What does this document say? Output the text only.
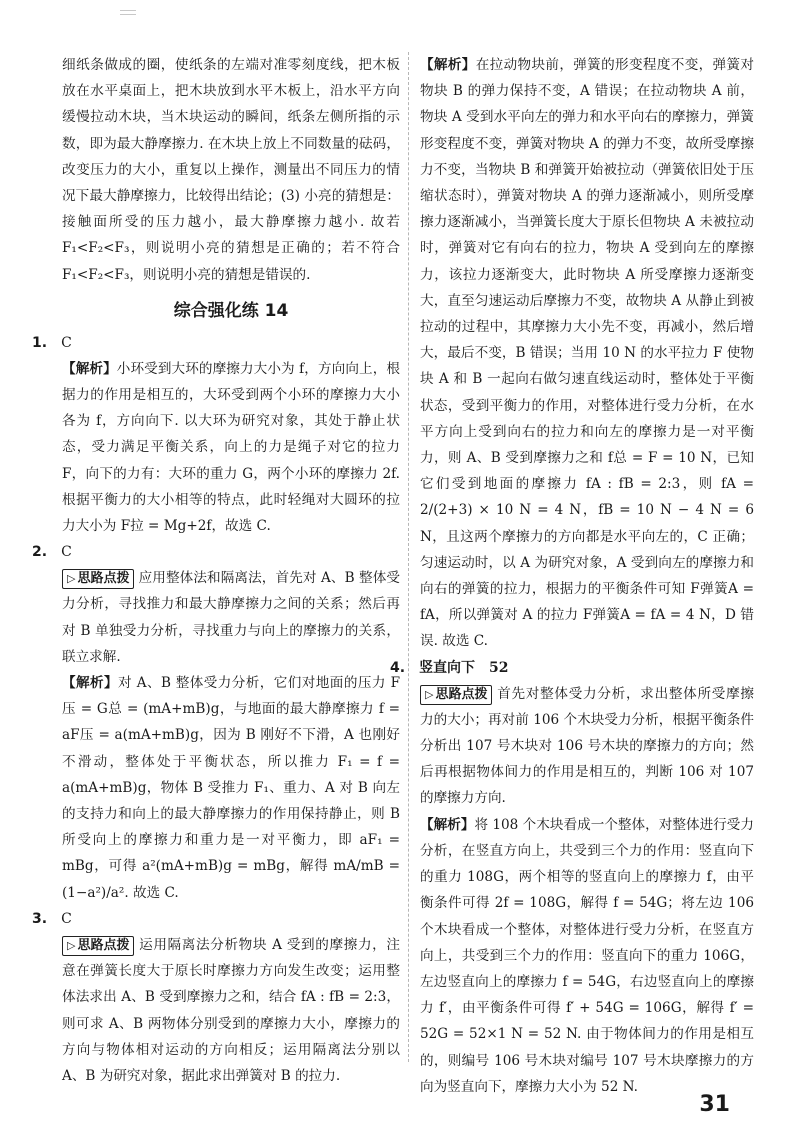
细纸条做成的圈，使纸条的左端对准零刻度线，把木板放在水平桌面上，把木块放到水平木板上，沿水平方向缓慢拉动木块，当木块运动的瞬间，纸条左侧所指的示数，即为最大静摩擦力. 在木块上放上不同数量的砝码，改变压力的大小，重复以上操作，测量出不同压力的情况下最大静摩擦力，比较得出结论；(3) 小亮的猜想是：接触面所受的压力越小，最大静摩擦力越小. 故若 F₁<F₂<F₃，则说明小亮的猜想是正确的；若不符合 F₁<F₂<F₃，则说明小亮的猜想是错误的.

综合强化练 14
1. C

【解析】小环受到大环的摩擦力大小为 f，方向向上，根据力的作用是相互的，大环受到两个小环的摩擦力大小各为 f，方向向下. 以大环为研究对象，其处于静止状态，受力满足平衡关系，向上的力是绳子对它的拉力 F，向下的力有：大环的重力 G，两个小环的摩擦力 2f. 根据平衡力的大小相等的特点，此时轻绳对大圆环的拉力大小为 F拉 = Mg+2f，故选 C.

2. C

▷ 思路点拨 应用整体法和隔离法，首先对 A、B 整体受力分析，寻找推力和最大静摩擦力之间的关系；然后再对 B 单独受力分析，寻找重力与向上的摩擦力的关系，联立求解.

【解析】对 A、B 整体受力分析，它们对地面的压力 F压 = G总 = (mA+mB)g，与地面的最大静摩擦力 f = aF压 = a(mA+mB)g，因为 B 刚好不下滑，A 也刚好不滑动，整体处于平衡状态，所以推力 F₁ = f = a(mA+mB)g，物体 B 受推力 F₁、重力、A 对 B 向左的支持力和向上的最大静摩擦力的作用保持静止，则 B 所受向上的摩擦力和重力是一对平衡力，即 aF₁ = mBg，可得 a²(mA+mB)g = mBg，解得 mA/mB = (1−a²)/a². 故选 C.

3. C

▷ 思路点拨 运用隔离法分析物块 A 受到的摩擦力，注意在弹簧长度大于原长时摩擦力方向发生改变；运用整体法求出 A、B 受到摩擦力之和，结合 fA : fB = 2:3，则可求 A、B 两物体分别受到的摩擦力大小，摩擦力的方向与物体相对运动的方向相反；运用隔离法分别以 A、B 为研究对象，据此求出弹簧对 B 的拉力.

【解析】在拉动物块前，弹簧的形变程度不变，弹簧对物块 B 的弹力保持不变，A 错误；在拉动物块 A 前，物块 A 受到水平向左的弹力和水平向右的摩擦力，弹簧形变程度不变，弹簧对物块 A 的弹力不变，故所受摩擦力不变，当物块 B 和弹簧开始被拉动（弹簧依旧处于压缩状态时），弹簧对物块 A 的弹力逐渐减小，则所受摩擦力逐渐减小，当弹簧长度大于原长但物块 A 未被拉动时，弹簧对它有向右的拉力，物块 A 受到向左的摩擦力，该拉力逐渐变大，此时物块 A 所受摩擦力逐渐变大，直至匀速运动后摩擦力不变，故物块 A 从静止到被拉动的过程中，其摩擦力大小先不变，再减小，然后增大，最后不变，B 错误；当用 10 N 的水平拉力 F 使物块 A 和 B 一起向右做匀速直线运动时，整体处于平衡状态，受到平衡力的作用，对整体进行受力分析，在水平方向上受到向右的拉力和向左的摩擦力是一对平衡力，则 A、B 受到摩擦力之和 f总 = F = 10 N，已知它们受到地面的摩擦力 fA : fB = 2:3，则 fA = 2/(2+3) × 10 N = 4 N，fB = 10 N − 4 N = 6 N，且这两个摩擦力的方向都是水平向左的，C 正确；匀速运动时，以 A 为研究对象，A 受到向左的摩擦力和向右的弹簧的拉力，根据力的平衡条件可知 F弹簧A = fA，所以弹簧对 A 的拉力 F弹簧A = fA = 4 N，D 错误. 故选 C.

4. 竖直向下　52

▷ 思路点拨 首先对整体受力分析，求出整体所受摩擦力的大小；再对前 106 个木块受力分析，根据平衡条件分析出 107 号木块对 106 号木块的摩擦力的方向；然后再根据物体间力的作用是相互的，判断 106 对 107 的摩擦力方向.

【解析】将 108 个木块看成一个整体，对整体进行受力分析，在竖直方向上，共受到三个力的作用：竖直向下的重力 108G，两个相等的竖直向上的摩擦力 f，由平衡条件可得 2f = 108G，解得 f = 54G；将左边 106 个木块看成一个整体，对整体进行受力分析，在竖直方向上，共受到三个力的作用：竖直向下的重力 106G，左边竖直向上的摩擦力 f = 54G，右边竖直向上的摩擦力 f′，由平衡条件可得 f′ + 54G = 106G，解得 f′ = 52G = 52×1 N = 52 N. 由于物体间力的作用是相互的，则编号 106 号木块对编号 107 号木块摩擦力的方向为竖直向下，摩擦力大小为 52 N.

31
